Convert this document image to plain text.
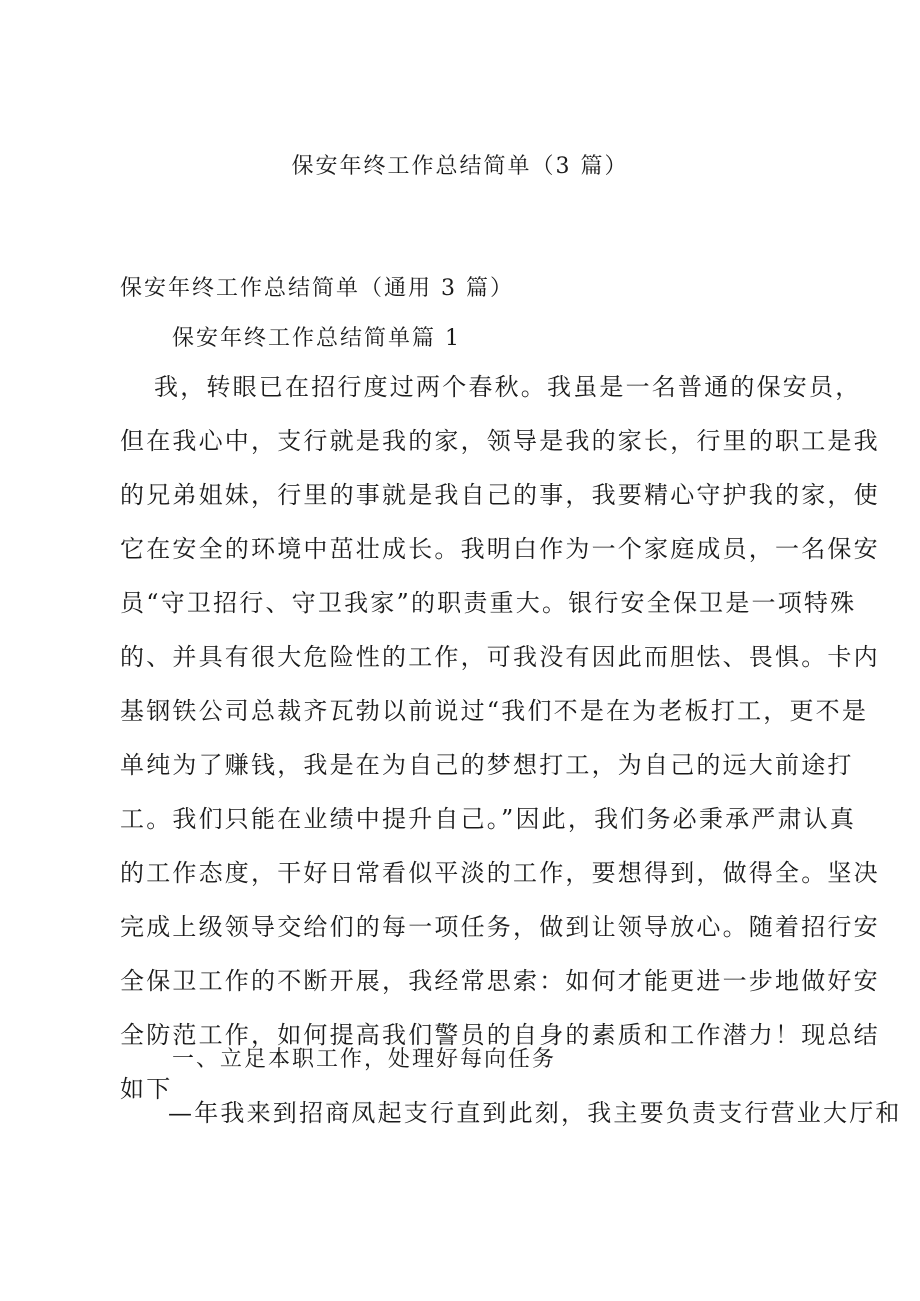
保安年终工作总结简单（3 篇）
保安年终工作总结简单（通用 3 篇）
保安年终工作总结简单篇 1
我，转眼已在招行度过两个春秋。我虽是一名普通的保安员，
但在我心中，支行就是我的家，领导是我的家长，行里的职工是我
的兄弟姐妹，行里的事就是我自己的事，我要精心守护我的家，使
它在安全的环境中茁壮成长。我明白作为一个家庭成员，一名保安
员“守卫招行、守卫我家”的职责重大。银行安全保卫是一项特殊
的、并具有很大危险性的工作，可我没有因此而胆怯、畏惧。卡内
基钢铁公司总裁齐瓦勃以前说过“我们不是在为老板打工，更不是
单纯为了赚钱，我是在为自己的梦想打工，为自己的远大前途打
工。我们只能在业绩中提升自己。”因此，我们务必秉承严肃认真
的工作态度，干好日常看似平淡的工作，要想得到，做得全。坚决
完成上级领导交给们的每一项任务，做到让领导放心。随着招行安
全保卫工作的不断开展，我经常思索：如何才能更进一步地做好安
全防范工作，如何提高我们警员的自身的素质和工作潜力！现总结
如下
一、立足本职工作，处理好每向任务

—年我来到招商凤起支行直到此刻，我主要负责支行营业大厅和
